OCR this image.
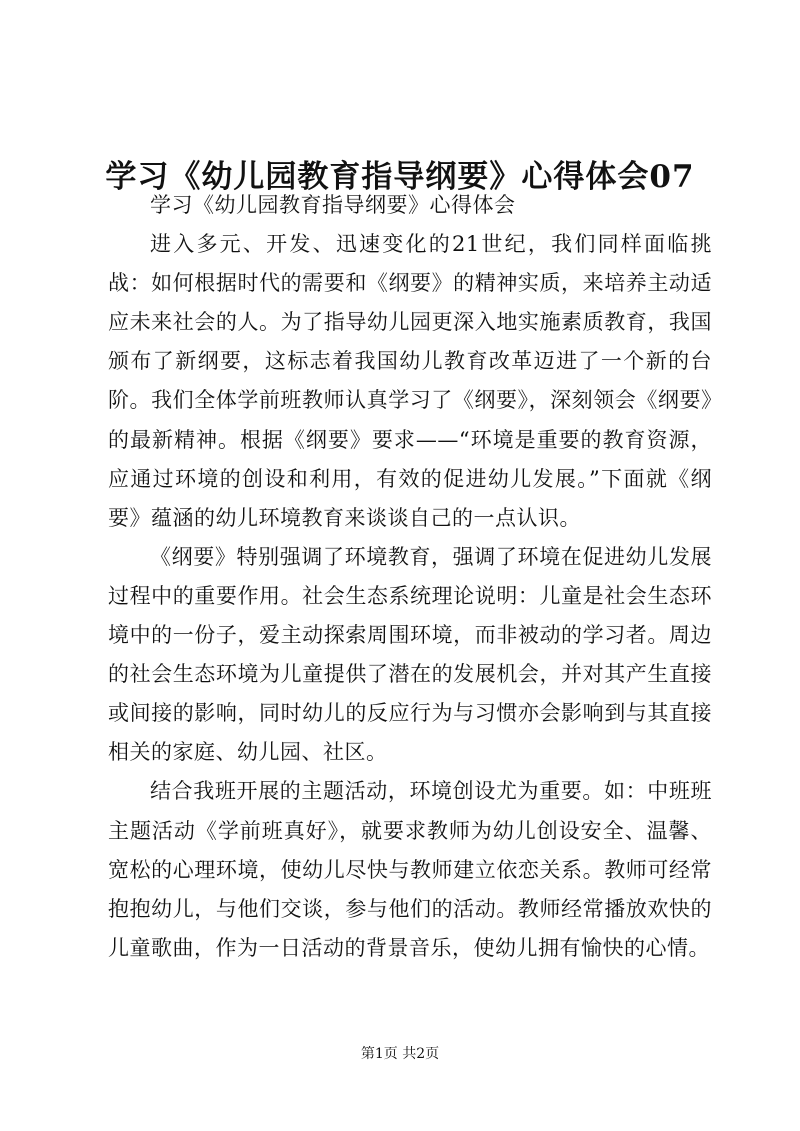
学习《幼儿园教育指导纲要》心得体会07

学习《幼儿园教育指导纲要》心得体会

进入多元、开发、迅速变化的21世纪，我们同样面临挑战：如何根据时代的需要和《纲要》的精神实质，来培养主动适应未来社会的人。为了指导幼儿园更深入地实施素质教育，我国颁布了新纲要，这标志着我国幼儿教育改革迈进了一个新的台阶。我们全体学前班教师认真学习了《纲要》，深刻领会《纲要》的最新精神。根据《纲要》要求——“环境是重要的教育资源，应通过环境的创设和利用，有效的促进幼儿发展。”下面就《纲要》蕴涵的幼儿环境教育来谈谈自己的一点认识。

《纲要》特别强调了环境教育，强调了环境在促进幼儿发展过程中的重要作用。社会生态系统理论说明：儿童是社会生态环境中的一份子，爱主动探索周围环境，而非被动的学习者。周边的社会生态环境为儿童提供了潜在的发展机会，并对其产生直接或间接的影响，同时幼儿的反应行为与习惯亦会影响到与其直接相关的家庭、幼儿园、社区。

结合我班开展的主题活动，环境创设尤为重要。如：中班班主题活动《学前班真好》，就要求教师为幼儿创设安全、温馨、宽松的心理环境，使幼儿尽快与教师建立依恋关系。教师可经常抱抱幼儿，与他们交谈，参与他们的活动。教师经常播放欢快的儿童歌曲，作为一日活动的背景音乐，使幼儿拥有愉快的心情。

第1页 共2页
